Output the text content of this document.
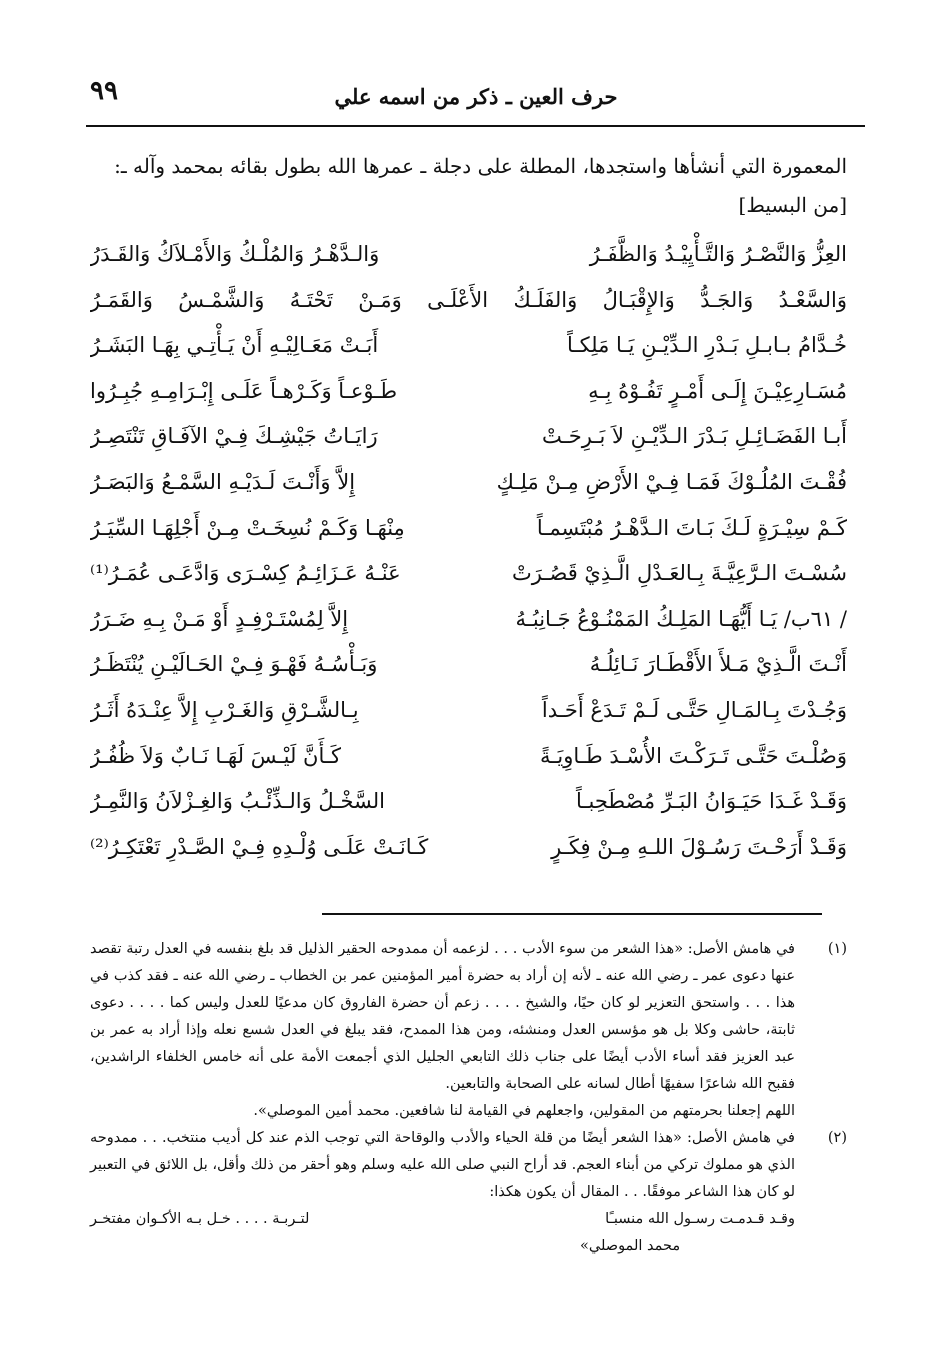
حرف العين ـ ذكر من اسمه علي
٩٩
المعمورة التي أنشأها واستجدها، المطلة على دجلة ـ عمرها الله بطول بقائه بمحمد وآله ـ:
[من البسيط]
العِزُّ وَالنَّصْـرُ وَالتَّـأْيِيْـدُ وَالظَّفَـرُ
وَالـدَّهْـرُ وَالمُلْـكُ وَالأَمْـلاَكُ وَالقَـدَرُ
وَالسَّعْـدُ وَالجَـدُّ وَالإِقْبَـالُ وَالفَلَـكُ الأَعْلَـى وَمَـنْ تَحْتَـهُ وَالشَّمْـسُ وَالقَمَـرُ
خُـدَّامُ بـابـلِ بَـدْرِ الـدِّيْـنِ يَـا مَلِكـاً
أَبَـتْ مَعَـالِيْـهِ أَنْ يَـأْتِـي بِهَـا البَشَـرُ
مُسَـارِعِيْـنَ إِلَـى أَمْـرٍ تَفُـوْهُ بِـهِ
طَـوْعـاً وَكَـرْهـاً عَلَـى إِبْـرَامِـهِ جُبِـرُوا
أَبـا الفَضَـائِـلِ بَـدْرَ الـدِّيْـنِ لاَ بَـرِحَـتْ
رَايَـاتُ جَيْشِـكَ فِـيْ الآفَـاقِ تَنْتَصِـرُ
فُقْـتَ المُلُـوْكَ فَمَـا فِـيْ الأَرْضِ مِـنْ مَلِـكٍ
إِلاَّ وَأَنْـتَ لَـدَيْـهِ السَّمْـعُ وَالبَصَـرُ
كَـمْ سِيْـرَةٍ لَـكَ بَـاتَ الـدَّهْـرُ مُبْتَسِمـاً
مِنْهَـا وَكَـمْ نُسِخَـتْ مِـنْ أَجْلِهَـا السِّيَـرُ
سُسْـتَ الـرَّعِيَّـةَ بِـالعَـدْلِ الَّـذِيْ قَصُـرَتْ
عَنْـهُ عَـزَائِـمُ كِسْـرَى وَادَّعَـى عُمَـرُ⁽¹⁾
/ ٦١ب/ يَـا أَيُّهَـا المَلِـكُ المَمْنُـوْعُ جَـانِبُـهُ
إِلاَّ لِمُسْتَـرْفِـدٍ أَوْ مَـنْ بِـهِ ضَـرَرُ
أَنْـتَ الَّـذِيْ مَـلأَ الأَقْطَـارَ نَـائِلُـهُ
وَبَـأْسُـهُ فَهْـوَ فِـيْ الحَـالَيْـنِ يُنْتَظَـرُ
وَجُـدْتَ بِـالمَـالِ حَتَّـى لَـمْ تَـدَعْ أَحَـداً
بِـالشَّـرْقِ وَالغَـرْبِ إِلاَّ عِنْـدَهُ أَثَـرُ
وَصُلْـتَ حَتَّـى تَـرَكْـتَ الأُسْـدَ طَـاوِيَـةً
كَـأَنَّ لَيْـسَ لَهَـا نَـابٌ وَلاَ ظُفُـرُ
وَقَـدْ غَـدَا حَيَـوَانُ البَـرِّ مُصْطَحِبـاً
السَّخْـلُ وَالـذِّئْـبُ وَالغِـزْلاَنُ وَالنَّمِـرُ
وَقَـدْ أَرَحْـتَ رَسُـوْلَ اللـهِ مِـنْ فِكَـرٍ
كَـانَـتْ عَلَـى وُلْـدِهِ فِـيْ الصَّـدْرِ تَعْتَكِـرُ⁽²⁾
(١)
في هامش الأصل: «هذا الشعر من سوء الأدب . . . لزعمه أن ممدوحه الحقير الذليل قد بلغ بنفسه في العدل رتبة تقصد عنها دعوى عمر ـ رضي الله عنه ـ لأنه إن أراد به حضرة أمير المؤمنين عمر بن الخطاب ـ رضي الله عنه ـ فقد كذب في هذا . . . واستحق التعزير لو كان حيًا، والشيخ . . . . زعم أن حضرة الفاروق كان مدعيًا للعدل وليس كما . . . . دعوى ثابتة، حاشى وكلا بل هو مؤسس العدل ومنشئه، ومن هذا الممدح، فقد يبلغ في العدل شسع نعله وإذا أراد به عمر بن عبد العزيز فقد أساء الأدب أيضًا على جناب ذلك التابعي الجليل الذي أجمعت الأمة على أنه خامس الخلفاء الراشدين، فقبح الله شاعرًا سفيهًا أطال لسانه على الصحابة والتابعين.
اللهم إجعلنا بحرمتهم من المقولين، واجعلهم في القيامة لنا شافعين. محمد أمين الموصلي».
(٢)
في هامش الأصل: «هذا الشعر أيضًا من قلة الحياء والأدب والوقاحة التي توجب الذم عند كل أديب منتخب. . . ممدوحه الذي هو مملوك تركي من أبناء العجم. قد أراح النبي صلى الله عليه وسلم وهو أحقر من ذلك وأقل، بل اللائق في التعبير لو كان هذا الشاعر موفقًا. . . المقال أن يكون هكذا:
وقـد قـدمـت رسـول الله منسبـًا
لتـربـة . . . . خـل بـه الأكـوان مفتخـر
محمد الموصلي»
